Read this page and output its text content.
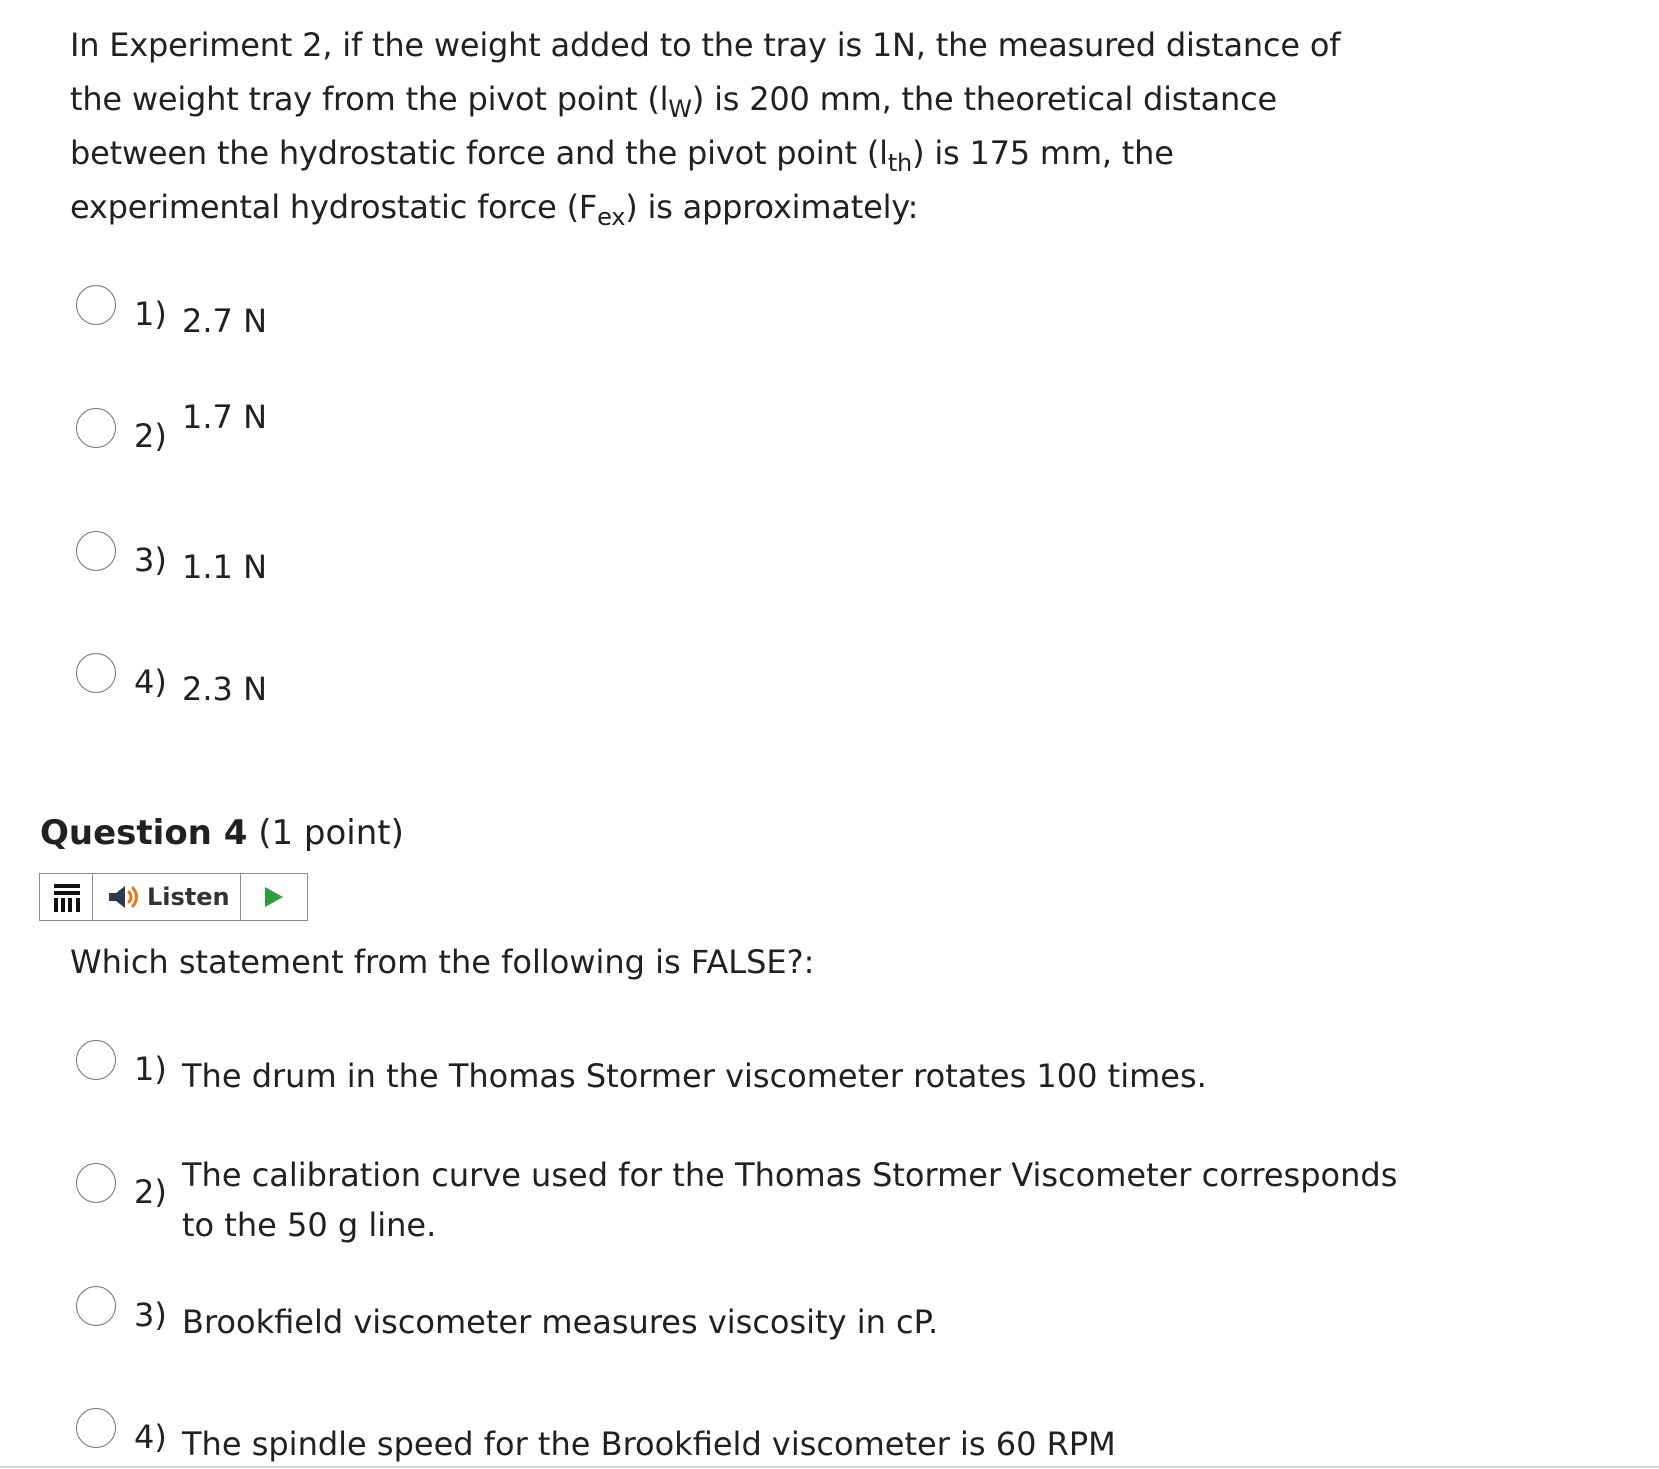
In Experiment 2, if the weight added to the tray is 1N, the measured distance of the weight tray from the pivot point $(l_W)$ is 200 mm, the theoretical distance between the hydrostatic force and the pivot point $(l_{th})$ is 175 mm, the experimental hydrostatic force $(F_{ex})$ is approximately:
1) 2.7 N
2) 1.7 N
3) 1.1 N
4) 2.3 N
Question 4 (1 point)
Listen
Which statement from the following is FALSE?:
1) The drum in the Thomas Stormer viscometer rotates 100 times.
2) The calibration curve used for the Thomas Stormer Viscometer corresponds to the 50 g line.
3) Brookfield viscometer measures viscosity in cP.
4) The spindle speed for the Brookfield viscometer is 60 RPM
